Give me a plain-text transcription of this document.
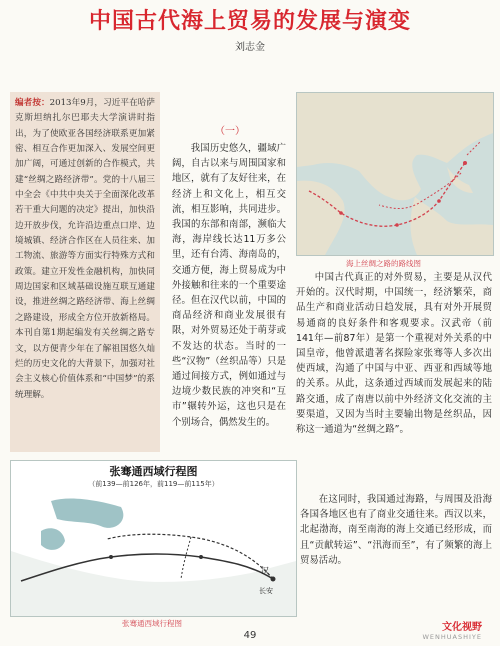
中国古代海上贸易的发展与演变
刘志金
编者按：2013年9月，习近平在哈萨克斯坦纳扎尔巴耶夫大学演讲时指出，为了使欧亚各国经济联系更加紧密、相互合作更加深入、发展空间更加广阔，可通过创新的合作模式，共建“丝绸之路经济带”。党的十八届三中全会《中共中央关于全面深化改革若干重大问题的决定》提出，加快沿边开放步伐，允许沿边重点口岸、边境城镇、经济合作区在人员往来、加工物流、旅游等方面实行特殊方式和政策。建立开发性金融机构，加快同周边国家和区域基础设施互联互通建设，推进丝绸之路经济带、海上丝绸之路建设，形成全方位开放新格局。本刊自第1期起编发有关丝绸之路专文，以方便青少年在了解祖国悠久灿烂的历史文化的大背景下，加强对社会主义核心价值体系和“中国梦”的系统理解。
（一）
我国历史悠久，疆域广阔，自古以来与周围国家和地区，就有了友好往来，在经济上和文化上，相互交流，相互影响，共同进步。我国的东部和南部，濒临大海，海岸线长达11万多公里，还有台湾、海南岛的，交通方便，海上贸易成为中外接触和往来的一个重要途径。但在汉代以前，中国的商品经济和商业发展很有限，对外贸易还处于萌芽或不发达的状态。当时的一些“汉物”（丝织品等）只是通过间接方式，例如通过与边境少数民族的冲突和“互市”辗转外运，这也只是在个别场合，偶然发生的。
海上丝绸之路的路线图
中国古代真正的对外贸易，主要是从汉代开始的。汉代时期，中国统一，经济繁荣，商品生产和商业活动日趋发展，具有对外开展贸易通商的良好条件和客观要求。汉武帝（前141年—前87年）是第一个重视对外关系的中国皇帝，他曾派遣著名探险家张骞等人多次出使西域，沟通了中国与中亚、西亚和西域等地的关系。从此，这条通过西域而发展起来的陆路交通，成了南唐以前中外经济文化交流的主要渠道，又因为当时主要输出物是丝织品，因称这一通道为“丝绸之路”。
汉
长安
张骞通西域行程图
（前139—前126年，前119—前115年）
张骞通西域行程图
在这同时，我国通过海路，与周围及沿海各国各地区也有了商业交通往来。西汉以来，北起渤海，南至南海的海上交通已经形成，而且“贡献转运”、“汛海而至”，有了频繁的海上贸易活动。
49
文化视野
WENHUASHIYE
